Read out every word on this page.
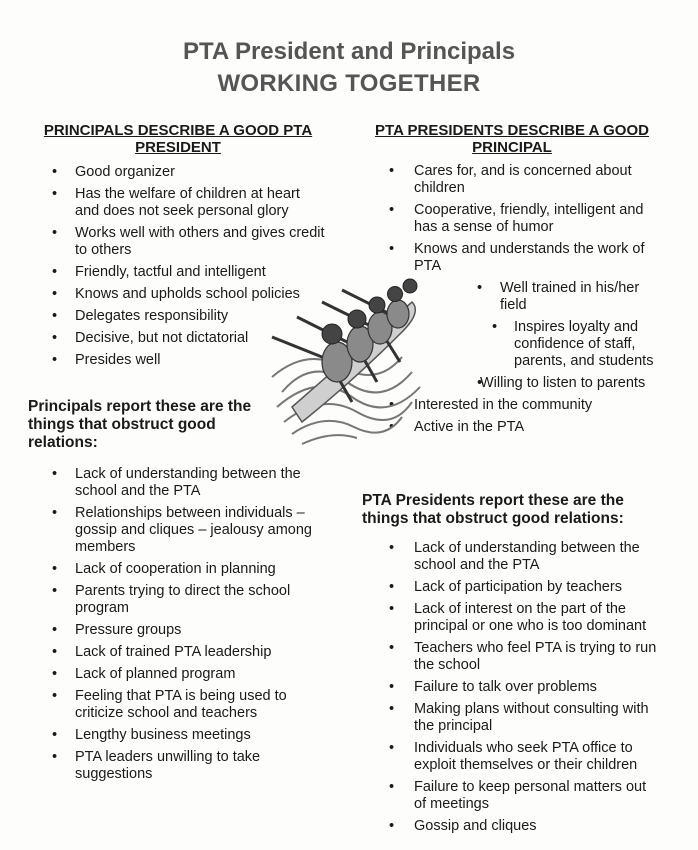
PTA President and Principals
WORKING TOGETHER
PRINCIPALS DESCRIBE A GOOD PTA PRESIDENT
• Good organizer
• Has the welfare of children at heart and does not seek personal glory
• Works well with others and gives credit to others
• Friendly, tactful and intelligent
• Knows and upholds school policies
• Delegates responsibility
• Decisive, but not dictatorial
• Presides well
Principals report these are the things that obstruct good relations:
• Lack of understanding between the school and the PTA
• Relationships between individuals – gossip and cliques – jealousy among members
• Lack of cooperation in planning
• Parents trying to direct the school program
• Pressure groups
• Lack of trained PTA leadership
• Lack of planned program
• Feeling that PTA is being used to criticize school and teachers
• Lengthy business meetings
• PTA leaders unwilling to take suggestions
PTA PRESIDENTS DESCRIBE A GOOD PRINCIPAL
• Cares for, and is concerned about children
• Cooperative, friendly, intelligent and has a sense of humor
• Knows and understands the work of PTA
• Well trained in his/her field
• Inspires loyalty and confidence of staff, parents, and students
• Willing to listen to parents
• Interested in the community
• Active in the PTA
PTA Presidents report these are the things that obstruct good relations:
• Lack of understanding between the school and the PTA
• Lack of participation by teachers
• Lack of interest on the part of the principal or one who is too dominant
• Teachers who feel PTA is trying to run the school
• Failure to talk over problems
• Making plans without consulting with the principal
• Individuals who seek PTA office to exploit themselves or their children
• Failure to keep personal matters out of meetings
• Gossip and cliques
